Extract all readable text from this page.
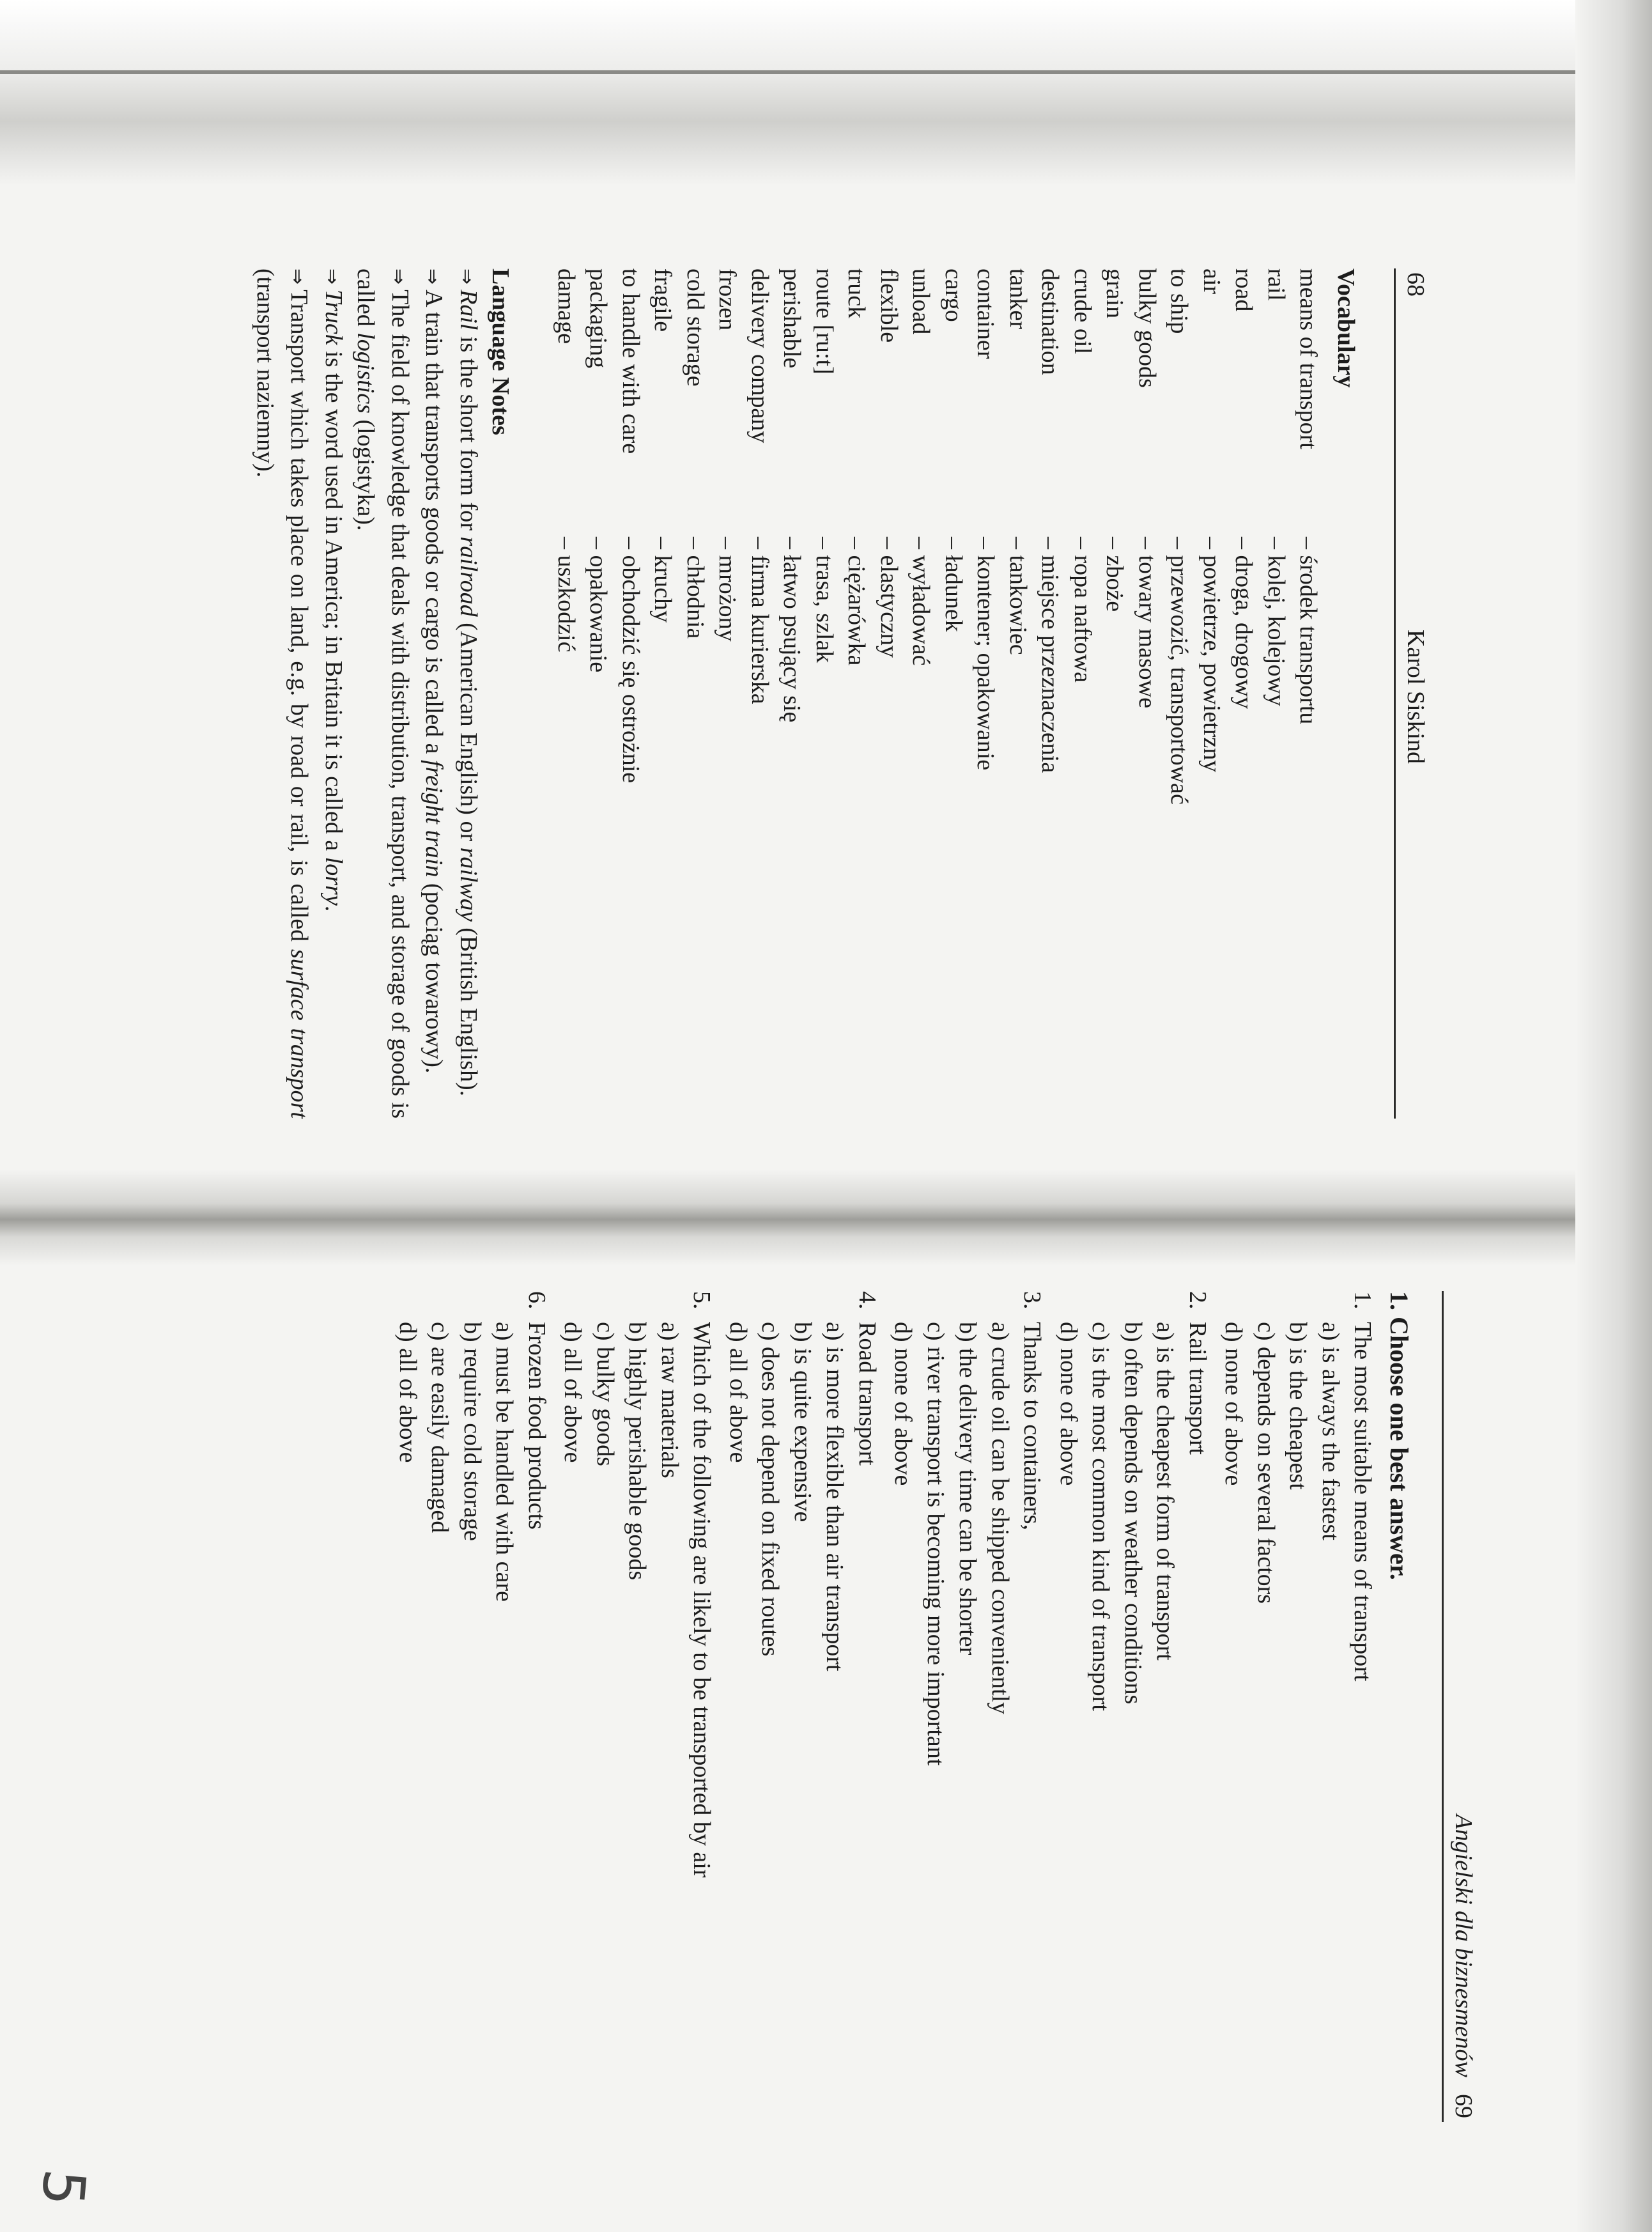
68
Karol Siskind
Vocabulary
means of transport	– środek transportu
rail	– kolej, kolejowy
road	– droga, drogowy
air	– powietrze, powietrzny
to ship	– przewozić, transportować
bulky goods	– towary masowe
grain	– zboże
crude oil	– ropa naftowa
destination	– miejsce przeznaczenia
tanker	– tankowiec
container	– kontener; opakowanie
cargo	– ładunek
unload	– wyładować
flexible	– elastyczny
truck	– ciężarówka
route [ru:t]	– trasa, szlak
perishable	– łatwo psujący się
delivery company	– firma kurierska
frozen	– mrożony
cold storage	– chłodnia
fragile	– kruchy
to handle with care	– obchodzić się ostrożnie
packaging	– opakowanie
damage	– uszkodzić
Language Notes

⇒Rail is the short form for railroad (American English) or railway (British English).

⇒A train that transports goods or cargo is called a freight train (pociąg towarowy).

⇒The field of knowledge that deals with distribution, transport, and storage of goods is called logistics (logistyka).

⇒Truck is the word used in America; in Britain it is called a lorry.

⇒Transport which takes place on land, e.g. by road or rail, is called surface transport (transport naziemny).

Angielski dla biznesmenów
69
1. Choose one best answer.
1.
The most suitable means of transport
a) is always the fastest
b) is the cheapest
c) depends on several factors
d) none of above
2.
Rail transport
a) is the cheapest form of transport
b) often depends on weather conditions
c) is the most common kind of transport
d) none of above
3.
Thanks to containers,
a) crude oil can be shipped conveniently
b) the delivery time can be shorter
c) river transport is becoming more important
d) none of above
4.
Road transport
a) is more flexible than air transport
b) is quite expensive
c) does not depend on fixed routes
d) all of above
5.
Which of the following are likely to be transported by air
a) raw materials
b) highly perishable goods
c) bulky goods
d) all of above
6.
Frozen food products
a) must be handled with care
b) require cold storage
c) are easily damaged
d) all of above
5
